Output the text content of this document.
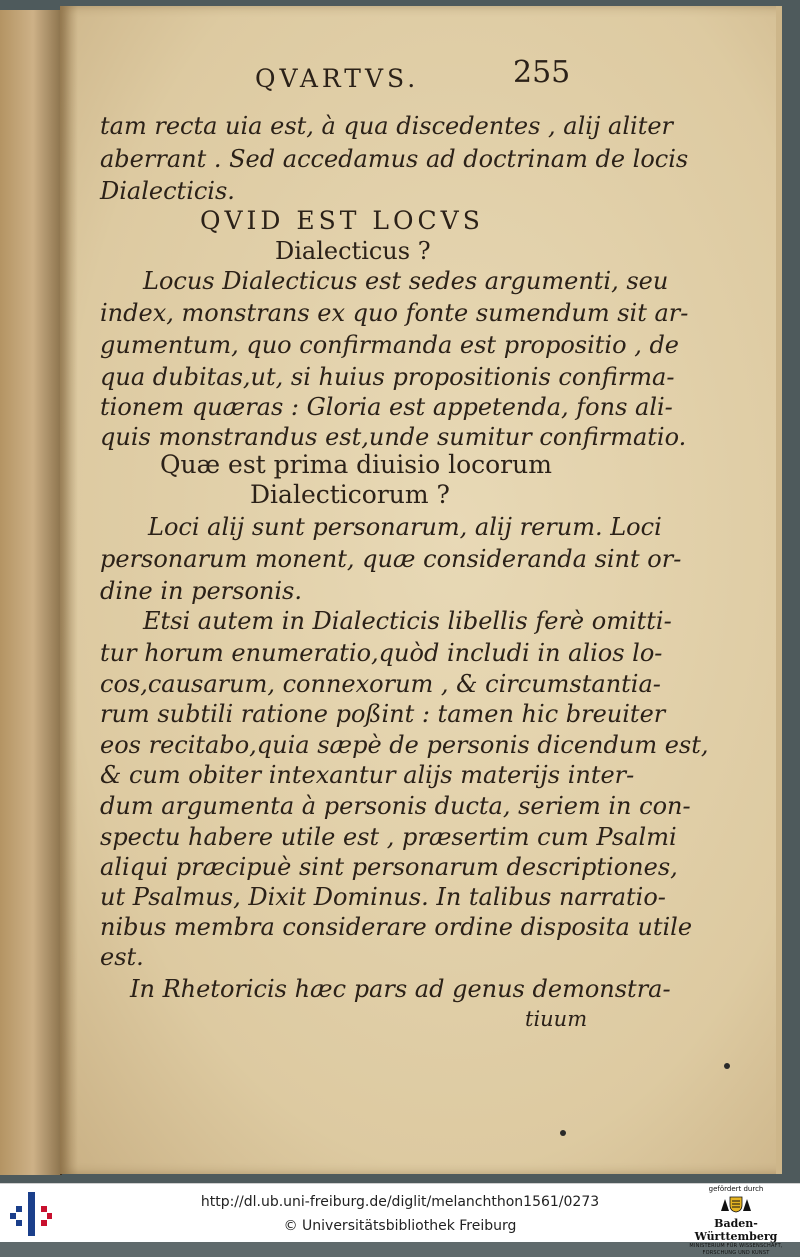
QVARTVS.	255
tam recta uia est, à qua discedentes , alij aliter
aberrant . Sed accedamus ad doctrinam de locis
Dialecticis.
QVID EST LOCVS
Dialecticus ?
Locus Dialecticus est sedes argumenti, seu
index, monstrans ex quo fonte sumendum sit ar-
gumentum, quo confirmanda est propositio , de
qua dubitas,ut, si huius propositionis confirma-
tionem quæras : Gloria est appetenda, fons ali-
quis monstrandus est,unde sumitur confirmatio.
Quæ est prima diuisio locorum
Dialecticorum ?
Loci alij sunt personarum, alij rerum. Loci
personarum monent, quæ consideranda sint or-
dine in personis.
Etsi autem in Dialecticis libellis ferè omitti-
tur horum enumeratio,quòd includi in alios lo-
cos,causarum, connexorum , & circumstantia-
rum subtili ratione poßint : tamen hic breuiter
eos recitabo,quia sæpè de personis dicendum est,
& cum obiter intexantur alijs materijs inter-
dum argumenta à personis ducta, seriem in con-
spectu habere utile est , præsertim cum Psalmi
aliqui præcipuè sint personarum descriptiones,
ut Psalmus, Dixit Dominus. In talibus narratio-
nibus membra considerare ordine disposita utile
est.
In Rhetoricis hæc pars ad genus demonstra-
tiuum
http://dl.ub.uni-freiburg.de/diglit/melanchthon1561/0273
© Universitätsbibliothek Freiburg
gefördert durch
Baden-Württemberg
MINISTERIUM FÜR WISSENSCHAFT, FORSCHUNG UND KUNST
